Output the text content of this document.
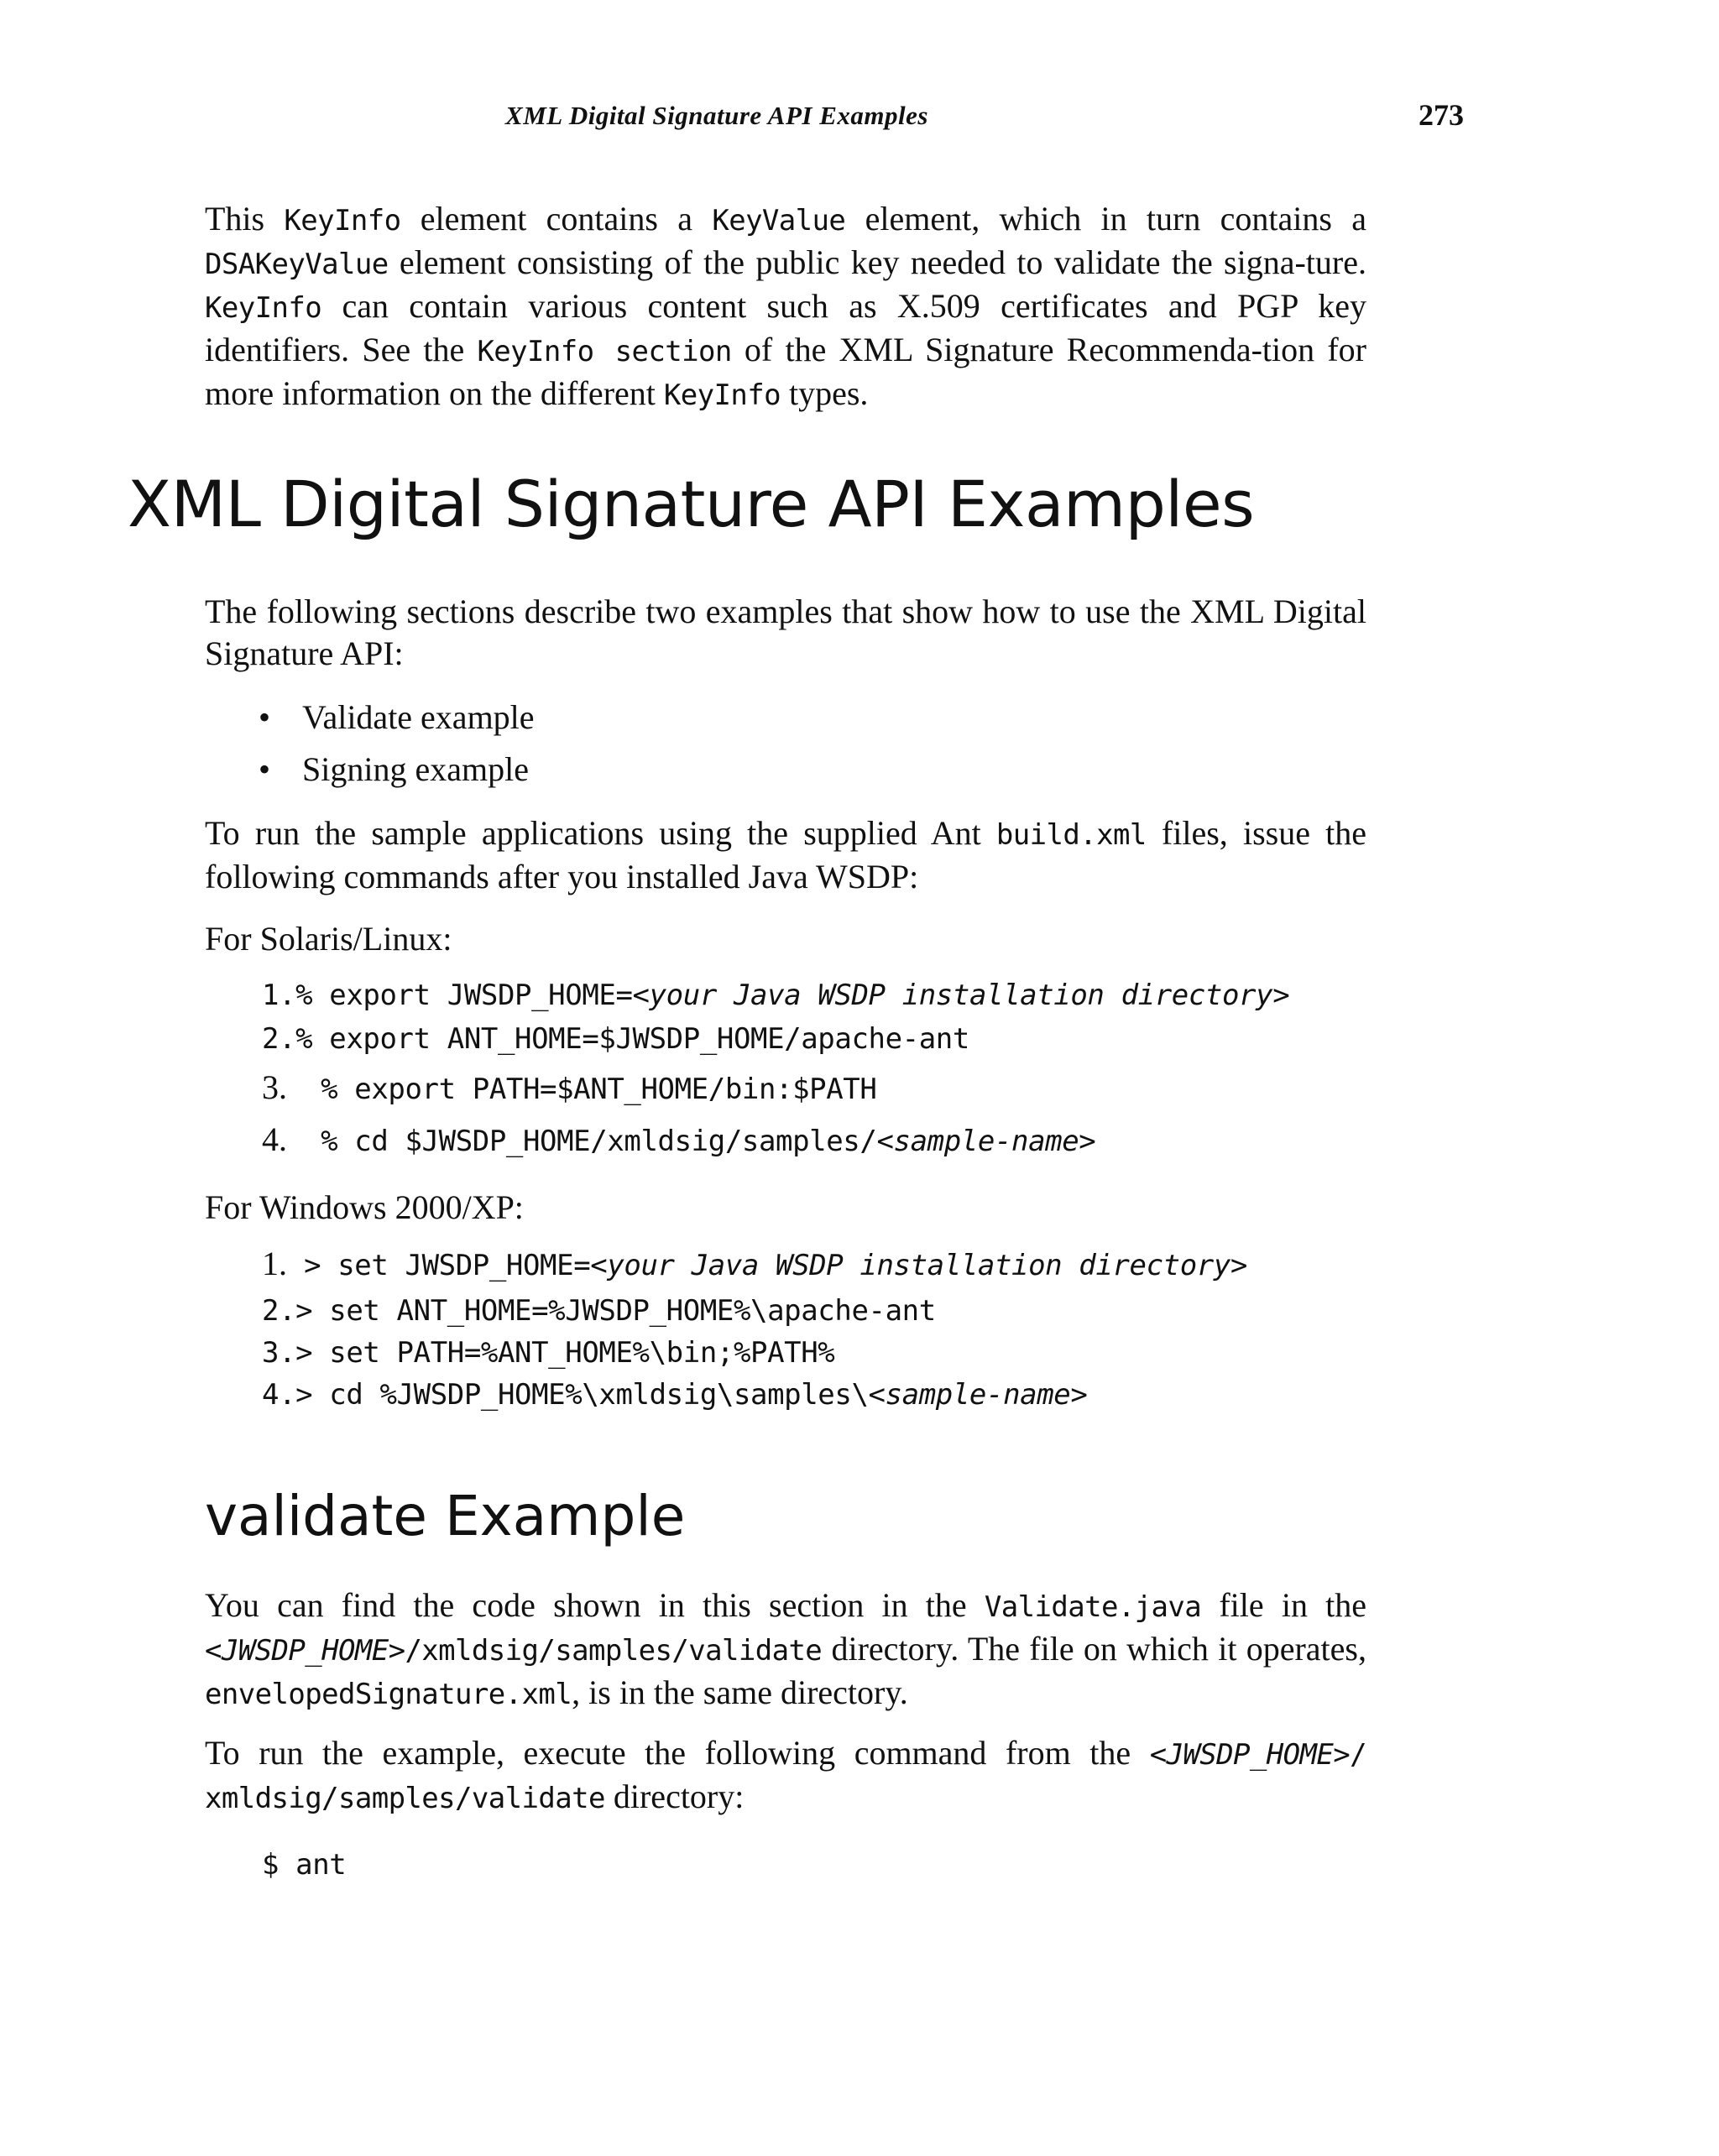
XML Digital Signature API Examples	273
This KeyInfo element contains a KeyValue element, which in turn contains a DSAKeyValue element consisting of the public key needed to validate the signa-ture. KeyInfo can contain various content such as X.509 certificates and PGP key identifiers. See the KeyInfo section of the XML Signature Recommenda-tion for more information on the different KeyInfo types.
XML Digital Signature API Examples
The following sections describe two examples that show how to use the XML Digital Signature API:
• Validate example
• Signing example
To run the sample applications using the supplied Ant build.xml files, issue the following commands after you installed Java WSDP:
For Solaris/Linux:
1.% export JWSDP_HOME=<your Java WSDP installation directory>
2.% export ANT_HOME=$JWSDP_HOME/apache-ant
3. % export PATH=$ANT_HOME/bin:$PATH
4. % cd $JWSDP_HOME/xmldsig/samples/<sample-name>
For Windows 2000/XP:
1. > set JWSDP_HOME=<your Java WSDP installation directory>
2.> set ANT_HOME=%JWSDP_HOME%\apache-ant
3.> set PATH=%ANT_HOME%\bin;%PATH%
4.> cd %JWSDP_HOME%\xmldsig\samples\<sample-name>
validate Example
You can find the code shown in this section in the Validate.java file in the <JWSDP_HOME>/xmldsig/samples/validate directory. The file on which it operates, envelopedSignature.xml, is in the same directory.
To run the example, execute the following command from the <JWSDP_HOME>/ xmldsig/samples/validate directory:
$ ant
